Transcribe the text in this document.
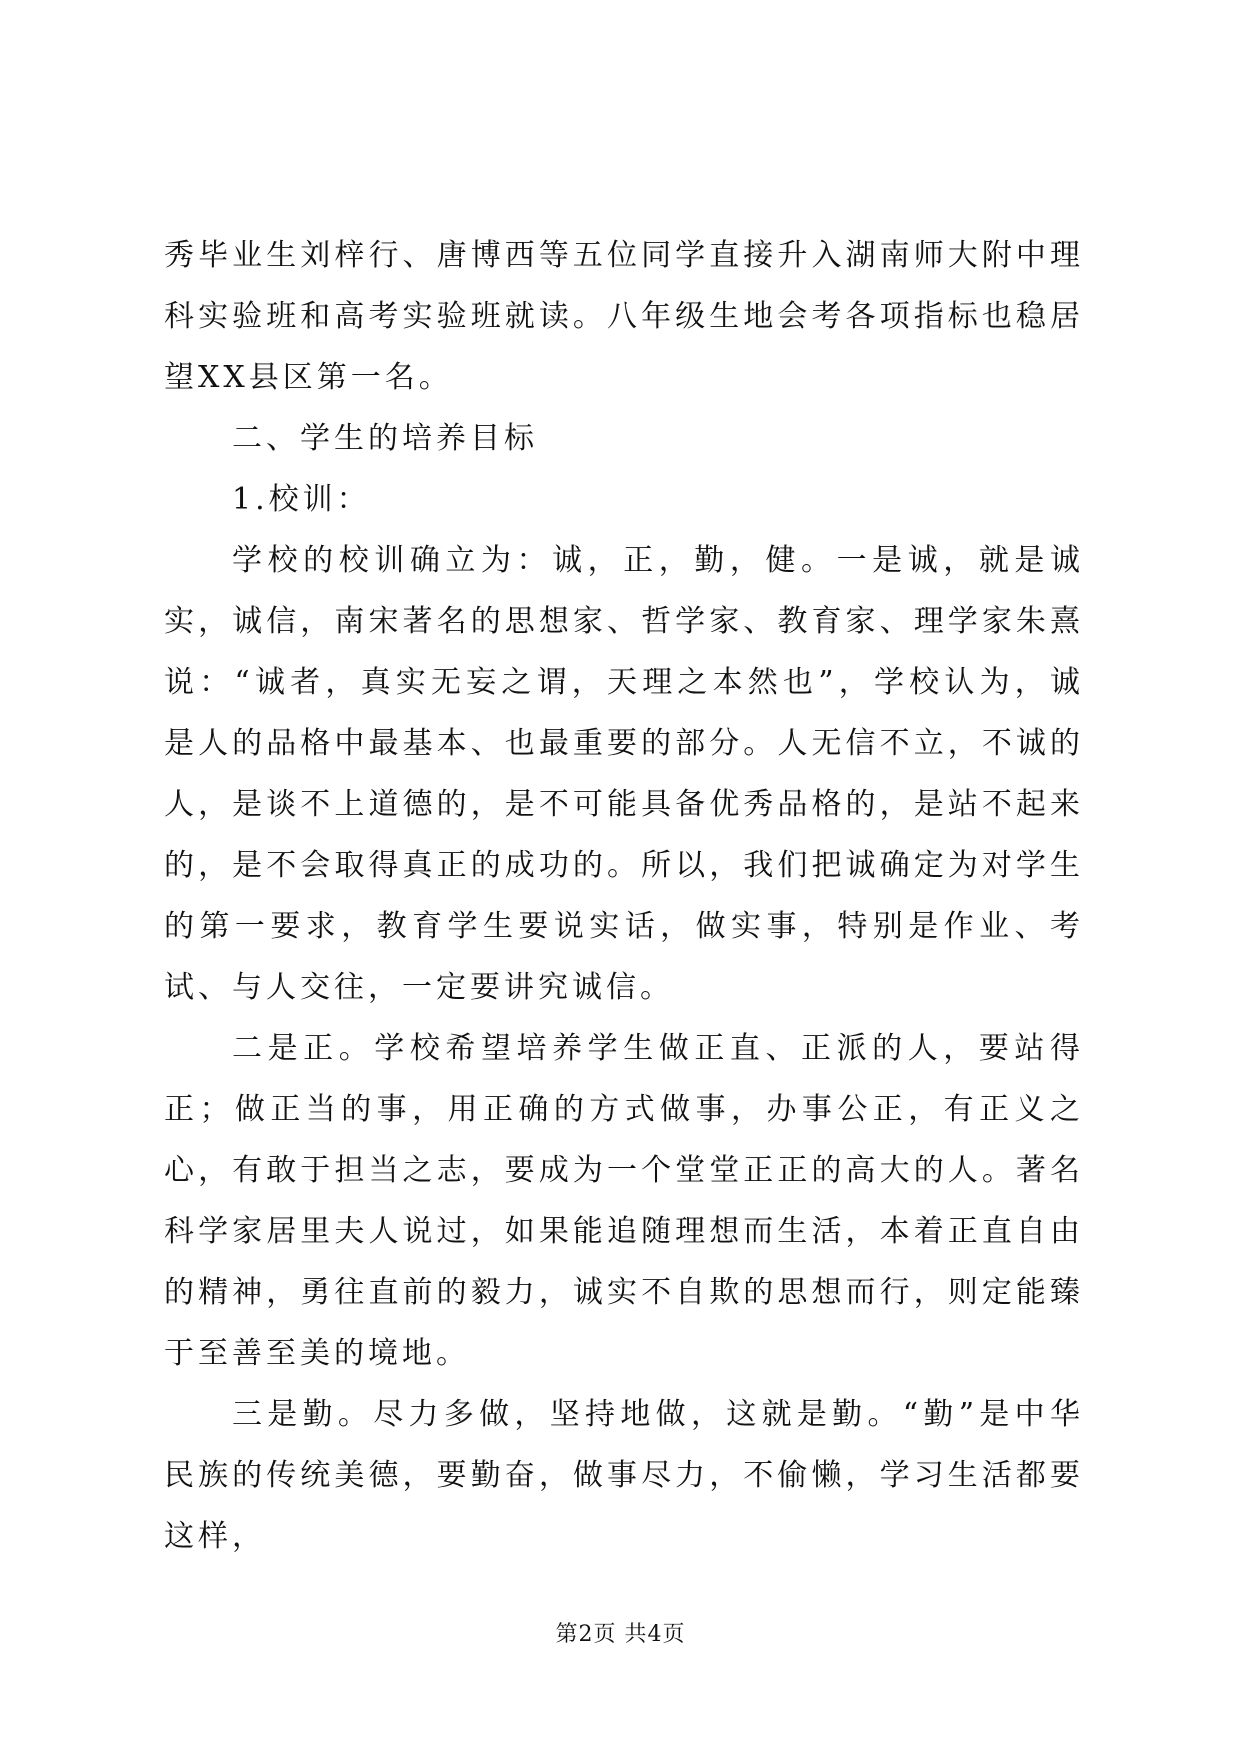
秀毕业生刘梓行、唐博西等五位同学直接升入湖南师大附中理科实验班和高考实验班就读。八年级生地会考各项指标也稳居望XX县区第一名。

二、学生的培养目标

1.校训：

学校的校训确立为：诚，正，勤，健。一是诚，就是诚实，诚信，南宋著名的思想家、哲学家、教育家、理学家朱熹说：“诚者，真实无妄之谓，天理之本然也”，学校认为，诚是人的品格中最基本、也最重要的部分。人无信不立，不诚的人，是谈不上道德的，是不可能具备优秀品格的，是站不起来的，是不会取得真正的成功的。所以，我们把诚确定为对学生的第一要求，教育学生要说实话，做实事，特别是作业、考试、与人交往，一定要讲究诚信。

二是正。学校希望培养学生做正直、正派的人，要站得正；做正当的事，用正确的方式做事，办事公正，有正义之心，有敢于担当之志，要成为一个堂堂正正的高大的人。著名科学家居里夫人说过，如果能追随理想而生活，本着正直自由的精神，勇往直前的毅力，诚实不自欺的思想而行，则定能臻于至善至美的境地。

三是勤。尽力多做，坚持地做，这就是勤。“勤”是中华民族的传统美德，要勤奋，做事尽力，不偷懒，学习生活都要这样，

第2页 共4页
